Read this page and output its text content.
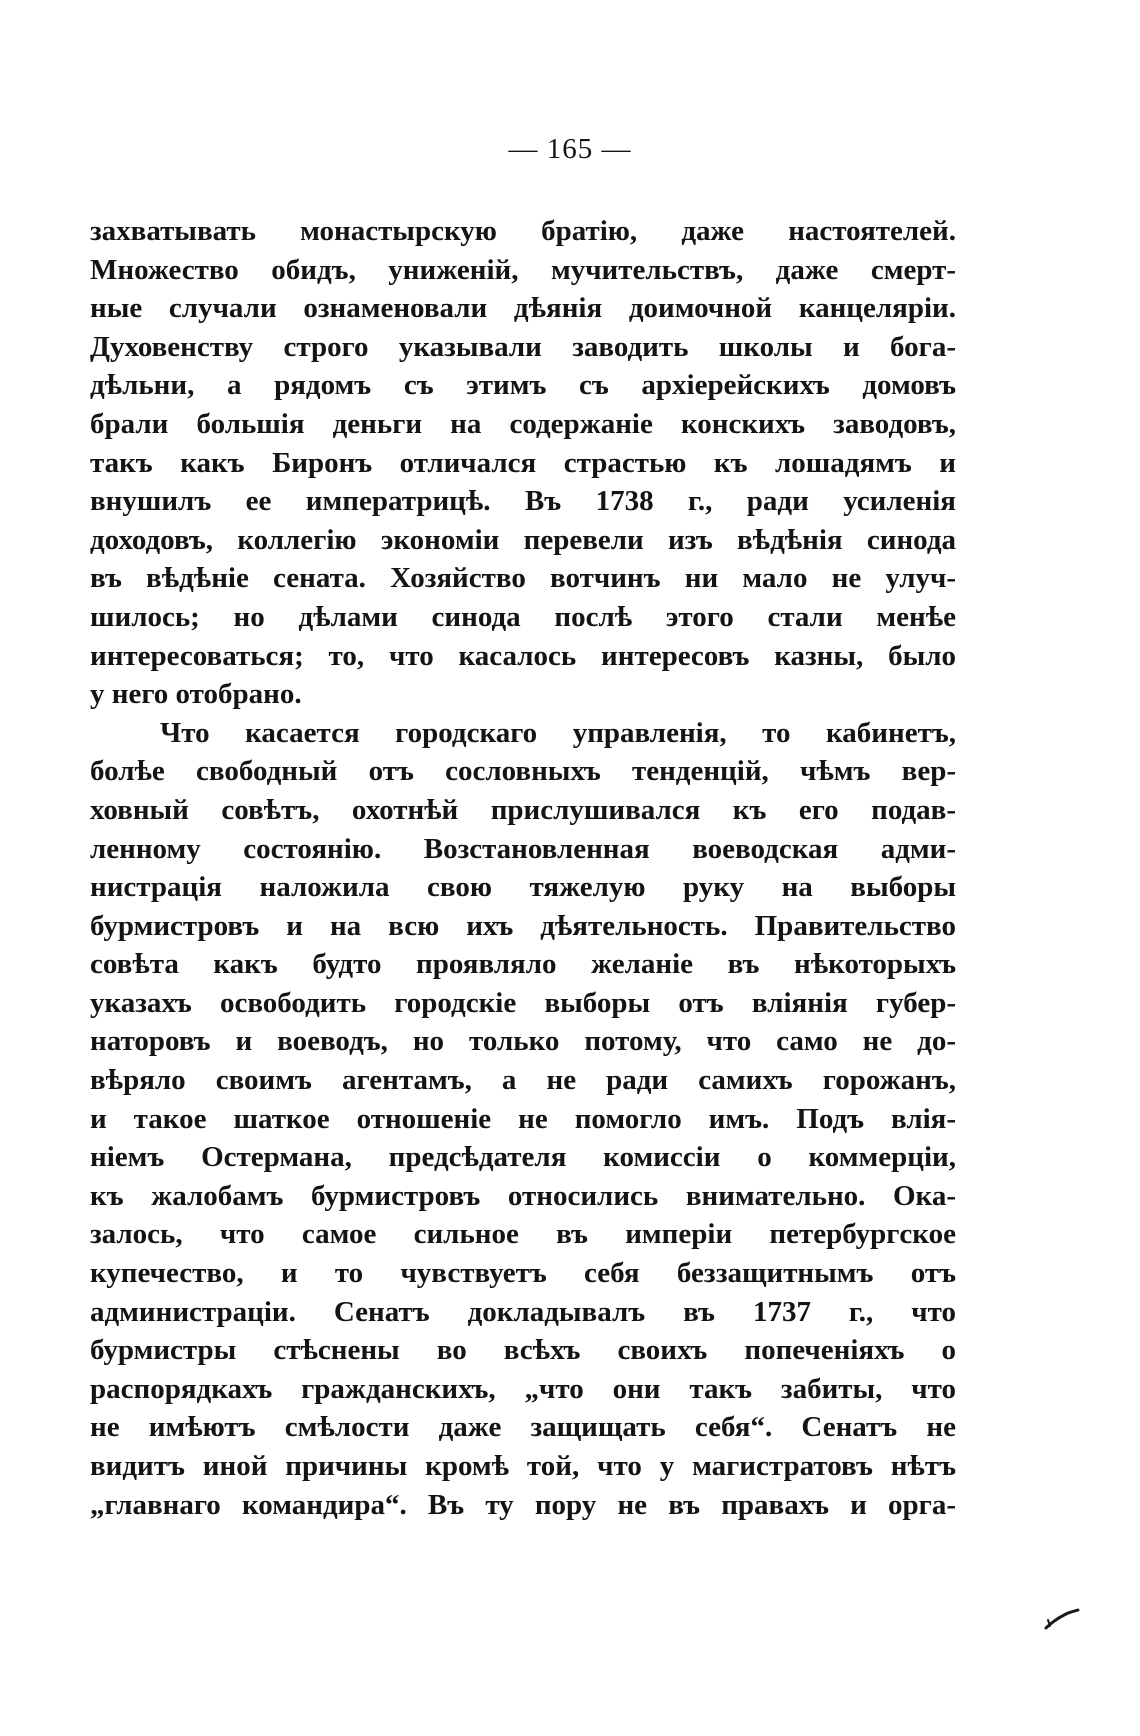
— 165 —
захватывать монастырскую братію, даже настоятелей.
Множество обидъ, униженій, мучительствъ, даже смерт-
ные случали ознаменовали дѣянія доимочной канцеляріи.
Духовенству строго указывали заводить школы и бога-
дѣльни, а рядомъ съ этимъ съ архіерейскихъ домовъ
брали большія деньги на содержаніе конскихъ заводовъ,
такъ какъ Биронъ отличался страстью къ лошадямъ и
внушилъ ее императрицѣ. Въ 1738 г., ради усиленія
доходовъ, коллегію экономіи перевели изъ вѣдѣнія синода
въ вѣдѣніе сената. Хозяйство вотчинъ ни мало не улуч-
шилось; но дѣлами синода послѣ этого стали менѣе
интересоваться; то, что касалось интересовъ казны, было
у него отобрано.
Что касается городскаго управленія, то кабинетъ,
болѣе свободный отъ сословныхъ тенденцій, чѣмъ вер-
ховный совѣтъ, охотнѣй прислушивался къ его подав-
ленному состоянію. Возстановленная воеводская адми-
нистрація наложила свою тяжелую руку на выборы
бурмистровъ и на всю ихъ дѣятельность. Правительство
совѣта какъ будто проявляло желаніе въ нѣкоторыхъ
указахъ освободить городскіе выборы отъ вліянія губер-
наторовъ и воеводъ, но только потому, что само не до-
вѣряло своимъ агентамъ, а не ради самихъ горожанъ,
и такое шаткое отношеніе не помогло имъ. Подъ влія-
ніемъ Остермана, предсѣдателя комиссіи о коммерціи,
къ жалобамъ бурмистровъ относились внимательно. Ока-
залось, что самое сильное въ имперіи петербургское
купечество, и то чувствуетъ себя беззащитнымъ отъ
администраціи. Сенатъ докладывалъ въ 1737 г., что
бурмистры стѣснены во всѣхъ своихъ попеченіяхъ о
распорядкахъ гражданскихъ, „что они такъ забиты, что
не имѣютъ смѣлости даже защищать себя“. Сенатъ не
видитъ иной причины кромѣ той, что у магистратовъ нѣтъ
„главнаго командира“. Въ ту пору не въ правахъ и орга-
